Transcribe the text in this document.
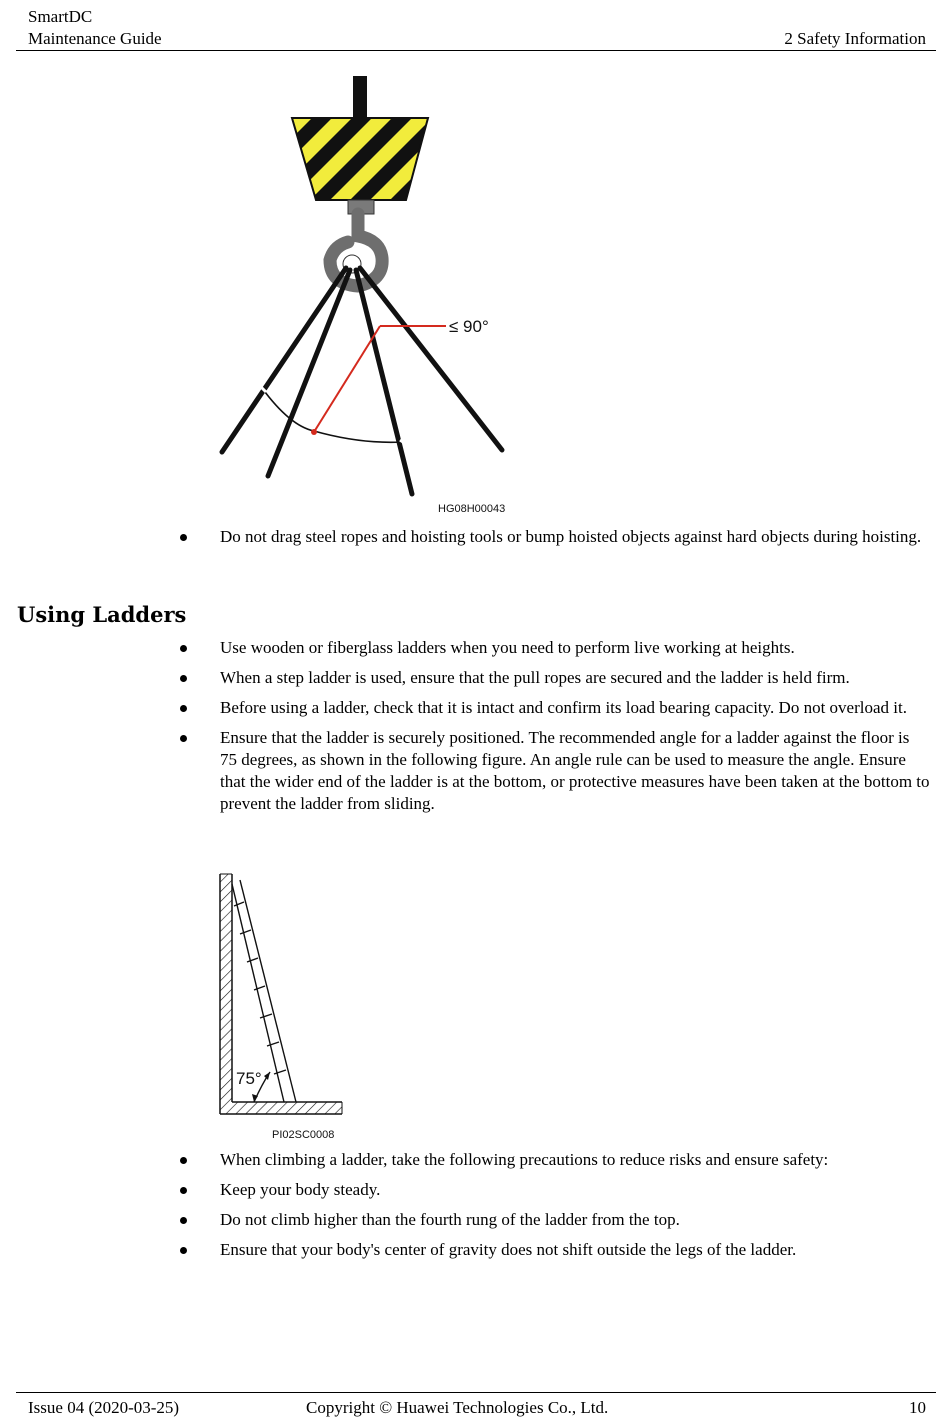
SmartDC
Maintenance Guide	2 Safety Information
≤ 90°
HG08H00043
Do not drag steel ropes and hoisting tools or bump hoisted objects against hard objects during hoisting.
Using Ladders
Use wooden or fiberglass ladders when you need to perform live working at heights.
When a step ladder is used, ensure that the pull ropes are secured and the ladder is held firm.
Before using a ladder, check that it is intact and confirm its load bearing capacity. Do not overload it.
Ensure that the ladder is securely positioned. The recommended angle for a ladder against the floor is 75 degrees, as shown in the following figure. An angle rule can be used to measure the angle. Ensure that the wider end of the ladder is at the bottom, or protective measures have been taken at the bottom to prevent the ladder from sliding.
75°
PI02SC0008
When climbing a ladder, take the following precautions to reduce risks and ensure safety:
Keep your body steady.
Do not climb higher than the fourth rung of the ladder from the top.
Ensure that your body's center of gravity does not shift outside the legs of the ladder.
Issue 04 (2020-03-25)	Copyright © Huawei Technologies Co., Ltd.	10
